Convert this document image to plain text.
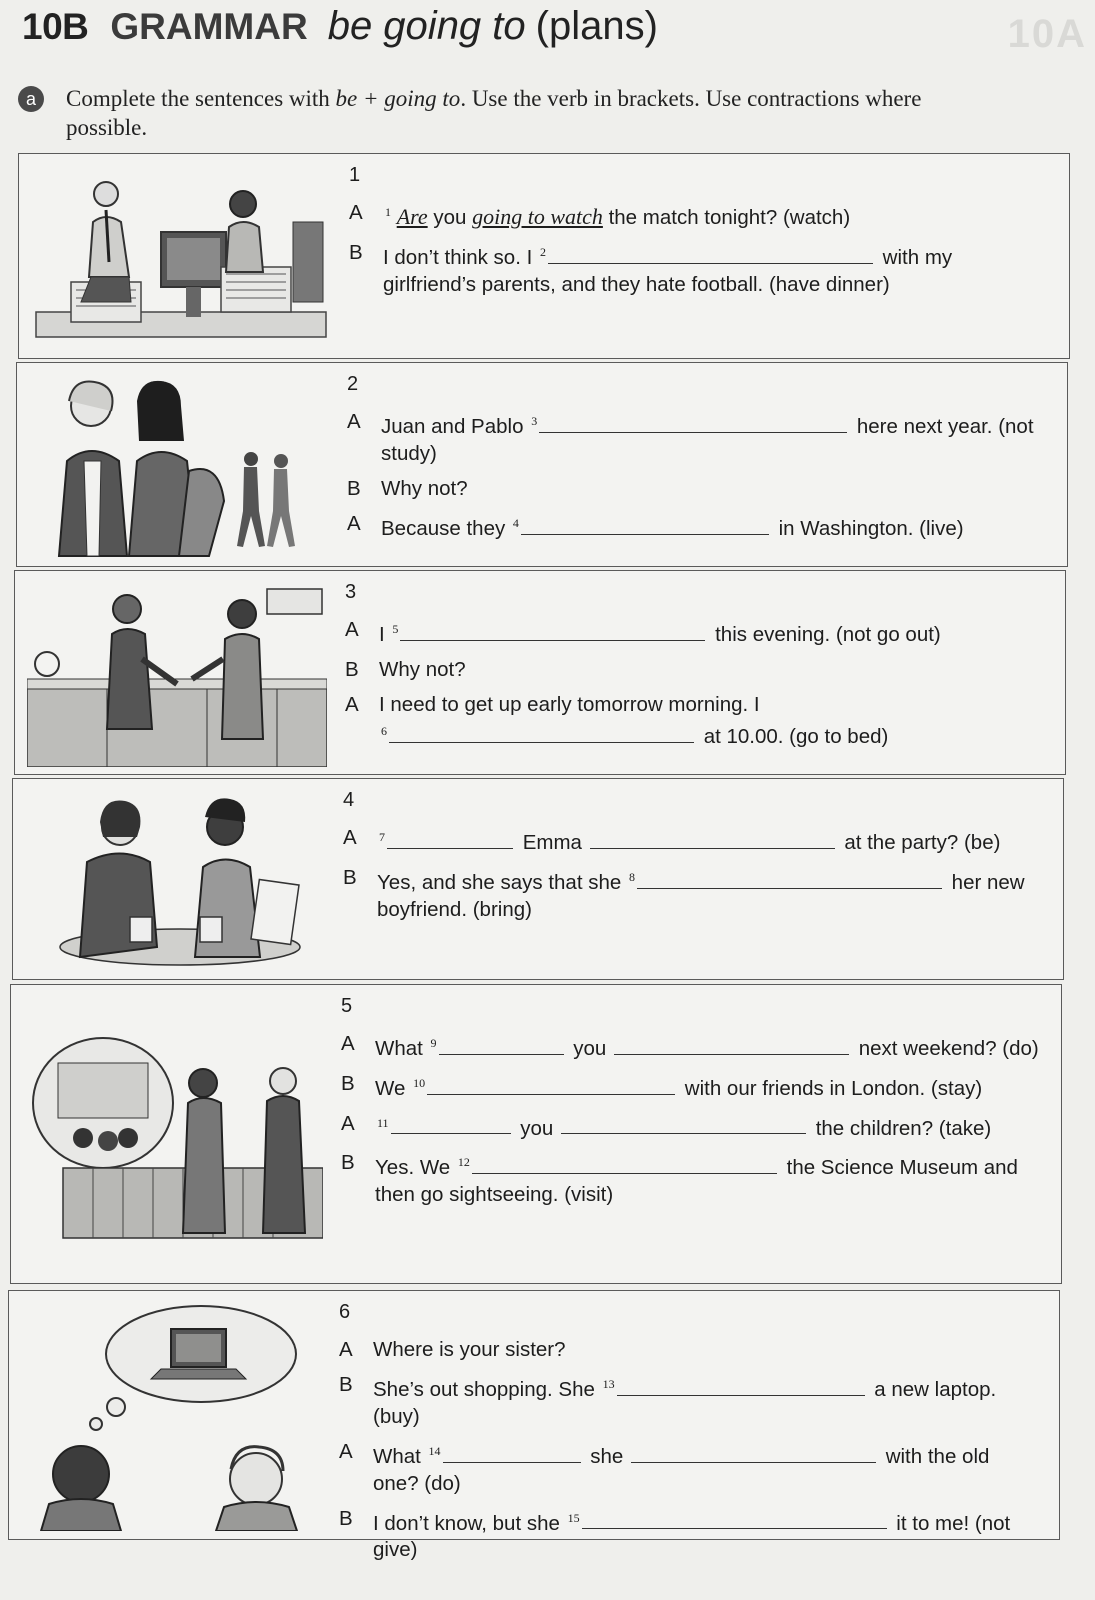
10A
10B GRAMMAR be going to (plans)
a	Complete the sentences with be + going to. Use the verb in brackets. Use contractions where possible.
1
A	$^1$ Are you going to watch the match tonight? (watch)
B I don’t think so. I $^2$	with my girlfriend’s parents, and they hate football. (have dinner)
2
A Juan and Pablo $^3$	here next year. (not study)
B Why not?
A Because they $^4$	in Washington. (live)
3
A I $^5$	this evening. (not go out)
B Why not?
A I need to get up early tomorrow morning. I
$^6$	at 10.00. (go to bed)
4
A	$^7$	Emma	at the party? (be)
B Yes, and she says that she $^8$	her new boyfriend. (bring)
5
A What $^9$	you	next weekend? (do)
B We $^{10}$	with our friends in London. (stay)
A	$^{11}$	you	the children? (take)
B Yes. We $^{12}$	the Science Museum and then go sightseeing. (visit)
6
A Where is your sister?
B She’s out shopping. She $^{13}$	a new laptop. (buy)
A What $^{14}$	she	with the old one? (do)
B I don’t know, but she $^{15}$	it to me! (not give)
